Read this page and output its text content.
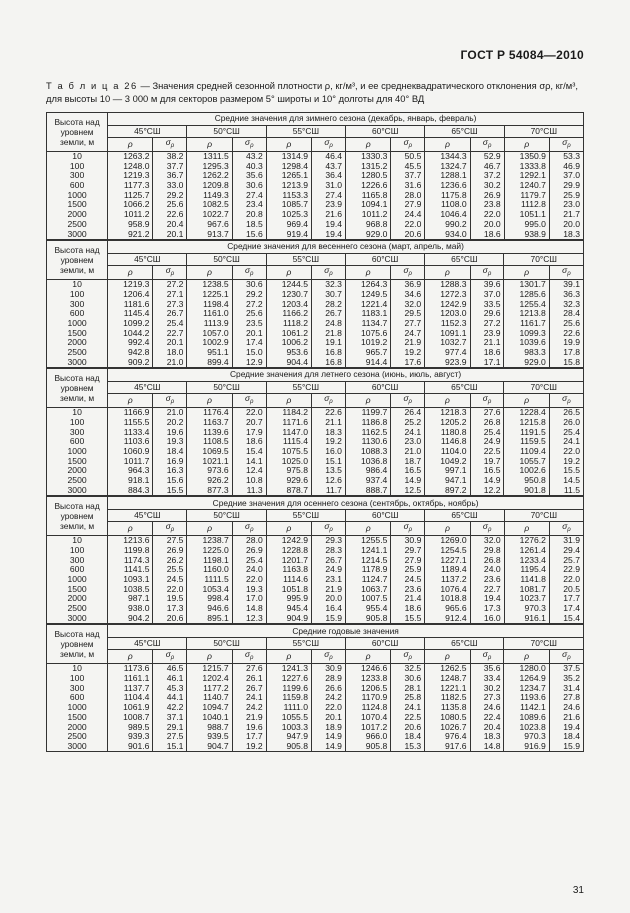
ГОСТ Р 54084—2010
Т а б л и ц а 26 — Значения средней сезонной плотности ρ, кг/м³, и ее среднеквадратического отклонения σρ, кг/м³,
для высоты 10 — 3 000 м для секторов размером 5° широты и 10° долготы для 40° ВД
Высота над уровнем земли, м	Средние значения для зимнего сезона (декабрь, январь, февраль)											
	45°СШ		50°СШ		55°СШ		60°СШ		65°СШ		70°СШ	
	ρ	$\sigma_\rho$	ρ	$\sigma_\rho$	ρ	$\sigma_\rho$	ρ	$\sigma_\rho$	ρ	$\sigma_\rho$	ρ	$\sigma_\rho$
10	1263.2	38.2	1311.5	43.2	1314.9	46.4	1330.3	50.5	1344.3	52.9	1350.9	53.3
100	1248.0	37.7	1295.3	40.3	1298.4	43.7	1315.2	45.5	1324.7	46.7	1333.8	46.9
300	1219.3	36.7	1262.2	35.6	1265.1	36.4	1280.5	37.7	1288.1	37.2	1292.1	37.0
600	1177.3	33.0	1209.8	30.6	1213.9	31.0	1226.6	31.6	1236.6	30.2	1240.7	29.9
1000	1125.7	29.2	1149.3	27.4	1153.3	27.4	1165.8	28.0	1175.8	26.9	1179.7	25.9
1500	1066.2	25.6	1082.5	23.4	1085.7	23.9	1094.1	27.9	1108.0	23.8	1112.8	23.0
2000	1011.2	22.6	1022.7	20.8	1025.3	21.6	1011.2	24.4	1046.4	22.0	1051.1	21.7
2500	958.9	20.4	967.6	18.5	969.4	19.4	968.8	22.0	990.2	20.0	995.0	20.0
3000	921.2	20.1	913.7	15.6	919.4	19.4	929.0	20.6	934.0	18.6	938.9	18.3
Высота над уровнем земли, м	Средние значения для весеннего сезона (март, апрель, май)											
	45°СШ		50°СШ		55°СШ		60°СШ		65°СШ		70°СШ	
	ρ	$\sigma_\rho$	ρ	$\sigma_\rho$	ρ	$\sigma_\rho$	ρ	$\sigma_\rho$	ρ	$\sigma_\rho$	ρ	$\sigma_\rho$
10	1219.3	27.2	1238.5	30.6	1244.5	32.3	1264.3	36.9	1288.3	39.6	1301.7	39.1
100	1206.4	27.1	1225.1	29.2	1230.7	30.7	1249.5	34.6	1272.3	37.0	1285.6	36.3
300	1181.6	27.3	1198.4	27.2	1203.4	28.2	1221.4	32.0	1242.9	33.5	1255.4	32.3
600	1145.4	26.7	1161.0	25.6	1166.2	26.7	1183.1	29.5	1203.0	29.6	1213.8	28.4
1000	1099.2	25.4	1113.9	23.5	1118.2	24.8	1134.7	27.7	1152.3	27.2	1161.7	25.6
1500	1044.2	22.7	1057.0	20.1	1061.2	21.8	1075.6	24.7	1091.1	23.9	1099.3	22.6
2000	992.4	20.1	1002.9	17.4	1006.2	19.1	1019.2	21.9	1032.7	21.1	1039.6	19.9
2500	942.8	18.0	951.1	15.0	953.6	16.8	965.7	19.2	977.4	18.6	983.3	17.8
3000	909.2	21.0	899.4	12.9	904.4	16.8	914.4	17.6	923.9	17.1	929.0	15.8
Высота над уровнем земли, м	Средние значения для летнего сезона (июнь, июль, август)											
	45°СШ		50°СШ		55°СШ		60°СШ		65°СШ		70°СШ	
	ρ	$\sigma_\rho$	ρ	$\sigma_\rho$	ρ	$\sigma_\rho$	ρ	$\sigma_\rho$	ρ	$\sigma_\rho$	ρ	$\sigma_\rho$
10	1166.9	21.0	1176.4	22.0	1184.2	22.6	1199.7	26.4	1218.3	27.6	1228.4	26.5
100	1155.5	20.2	1163.7	20.7	1171.6	21.1	1186.8	25.2	1205.2	26.8	1215.8	26.0
300	1133.4	19.6	1139.6	17.9	1147.0	18.3	1162.5	24.1	1180.8	25.4	1191.5	25.4
600	1103.6	19.3	1108.5	18.6	1115.4	19.2	1130.6	23.0	1146.8	24.9	1159.5	24.1
1000	1060.9	18.4	1069.5	15.4	1075.5	16.0	1088.3	21.0	1104.0	22.5	1109.4	22.0
1500	1011.7	16.9	1021.1	14.1	1025.0	15.1	1036.8	18.7	1049.2	19.7	1055.7	19.2
2000	964.3	16.3	973.6	12.4	975.8	13.5	986.4	16.5	997.1	16.5	1002.6	15.5
2500	918.1	15.6	926.2	10.8	929.6	12.6	937.4	14.9	947.1	14.9	950.8	14.5
3000	884.3	15.5	877.3	11.3	878.7	11.7	888.7	12.5	897.2	12.2	901.8	11.5
Высота над уровнем земли, м	Средние значения для осеннего сезона (сентябрь, октябрь, ноябрь)											
	45°СШ		50°СШ		55°СШ		60°СШ		65°СШ		70°СШ	
	ρ	$\sigma_\rho$	ρ	$\sigma_\rho$	ρ	$\sigma_\rho$	ρ	$\sigma_\rho$	ρ	$\sigma_\rho$	ρ	$\sigma_\rho$
10	1213.6	27.5	1238.7	28.0	1242.9	29.3	1255.5	30.9	1269.0	32.0	1276.2	31.9
100	1199.8	26.9	1225.0	26.9	1228.8	28.3	1241.1	29.7	1254.5	29.8	1261.4	29.4
300	1174.3	26.2	1198.1	25.4	1201.7	26.7	1214.5	27.9	1227.1	26.8	1233.4	25.7
600	1141.5	25.5	1160.0	24.0	1163.8	24.9	1178.9	25.9	1189.4	24.0	1195.4	22.9
1000	1093.1	24.5	1111.5	22.0	1114.6	23.1	1124.7	24.5	1137.2	23.6	1141.8	22.0
1500	1038.5	22.0	1053.4	19.3	1051.8	21.9	1063.7	23.6	1076.4	22.7	1081.7	20.5
2000	987.1	19.5	998.4	17.0	995.9	20.0	1007.5	21.4	1018.8	19.4	1023.7	17.7
2500	938.0	17.3	946.6	14.8	945.4	16.4	955.4	18.6	965.6	17.3	970.3	17.4
3000	904.2	20.6	895.1	12.3	904.9	15.9	905.8	15.5	912.4	16.0	916.1	15.4
Высота над уровнем земли, м	Средние годовые значения											
	45°СШ		50°СШ		55°СШ		60°СШ		65°СШ		70°СШ	
	ρ	$\sigma_\rho$	ρ	$\sigma_\rho$	ρ	$\sigma_\rho$	ρ	$\sigma_\rho$	ρ	$\sigma_\rho$	ρ	$\sigma_\rho$
10	1173.6	46.5	1215.7	27.6	1241.3	30.9	1246.6	32.5	1262.5	35.6	1280.0	37.5
100	1161.1	46.1	1202.4	26.1	1227.6	28.9	1233.8	30.6	1248.7	33.4	1264.9	35.2
300	1137.7	45.3	1177.2	26.7	1199.6	26.6	1206.5	28.1	1221.1	30.2	1234.7	31.4
600	1104.4	44.1	1140.7	24.1	1159.8	24.2	1170.9	25.8	1182.5	27.3	1193.6	27.8
1000	1061.9	42.2	1094.7	24.2	1111.0	22.0	1124.8	24.1	1135.8	24.6	1142.1	24.6
1500	1008.7	37.1	1040.1	21.9	1055.5	20.1	1070.4	22.5	1080.5	22.4	1089.6	21.6
2000	989.5	29.1	988.7	19.6	1003.3	18.9	1017.2	20.6	1026.7	20.4	1023.8	19.4
2500	939.3	27.5	939.5	17.7	947.9	14.9	966.0	18.4	976.4	18.3	970.3	18.4
3000	901.6	15.1	904.7	19.2	905.8	14.9	905.8	15.3	917.6	14.8	916.9	15.9
31
